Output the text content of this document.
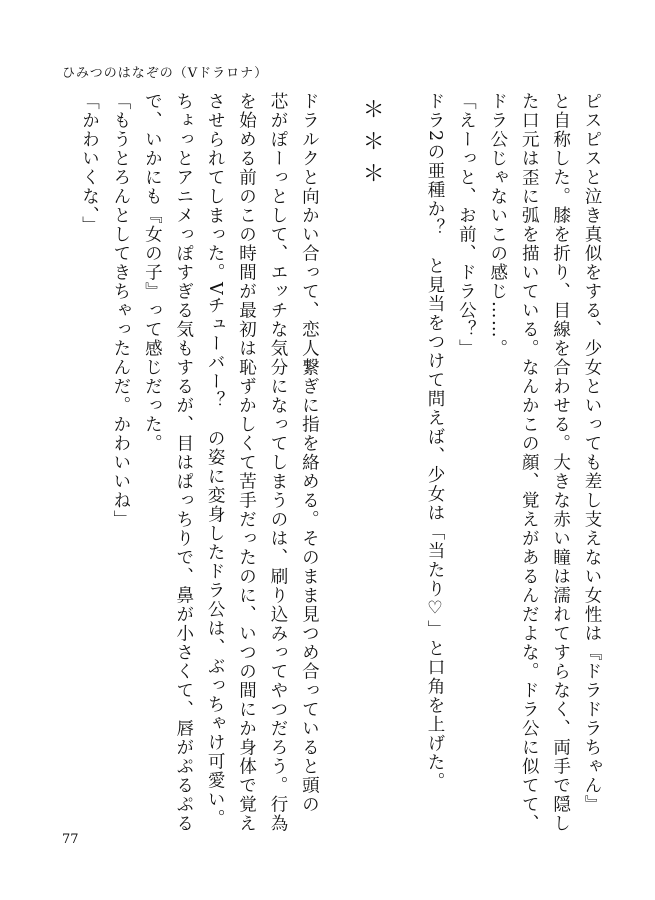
ひみつのはなぞの（Vドラロナ）
ピスピスと泣き真似をする、少女といっても差し支えない女性は『ドラドラちゃん』
と自称した。膝を折り、目線を合わせる。大きな赤い瞳は濡れてすらなく、両手で隠し
た口元は歪に弧を描いている。なんかこの顔、覚えがあるんだよな。ドラ公に似てて、
ドラ公じゃないこの感じ……。
「えーっと、お前、ドラ公？」
ドラ2の亜種か？　と見当をつけて問えば、少女は「当たり♡」と口角を上げた。
＊＊＊
ドラルクと向かい合って、恋人繋ぎに指を絡める。そのまま見つめ合っていると頭の
芯がぽーっとして、エッチな気分になってしまうのは、刷り込みってやつだろう。行為
を始める前のこの時間が最初は恥ずかしくて苦手だったのに、いつの間にか身体で覚え
させられてしまった。Vチューバー？　の姿に変身したドラ公は、ぶっちゃけ可愛い。
ちょっとアニメっぽすぎる気もするが、目はぱっちりで、鼻が小さくて、唇がぷるぷる
で、いかにも『女の子』って感じだった。
「もうとろんとしてきちゃったんだ。かわいいね」
「かわいくな、」
77
